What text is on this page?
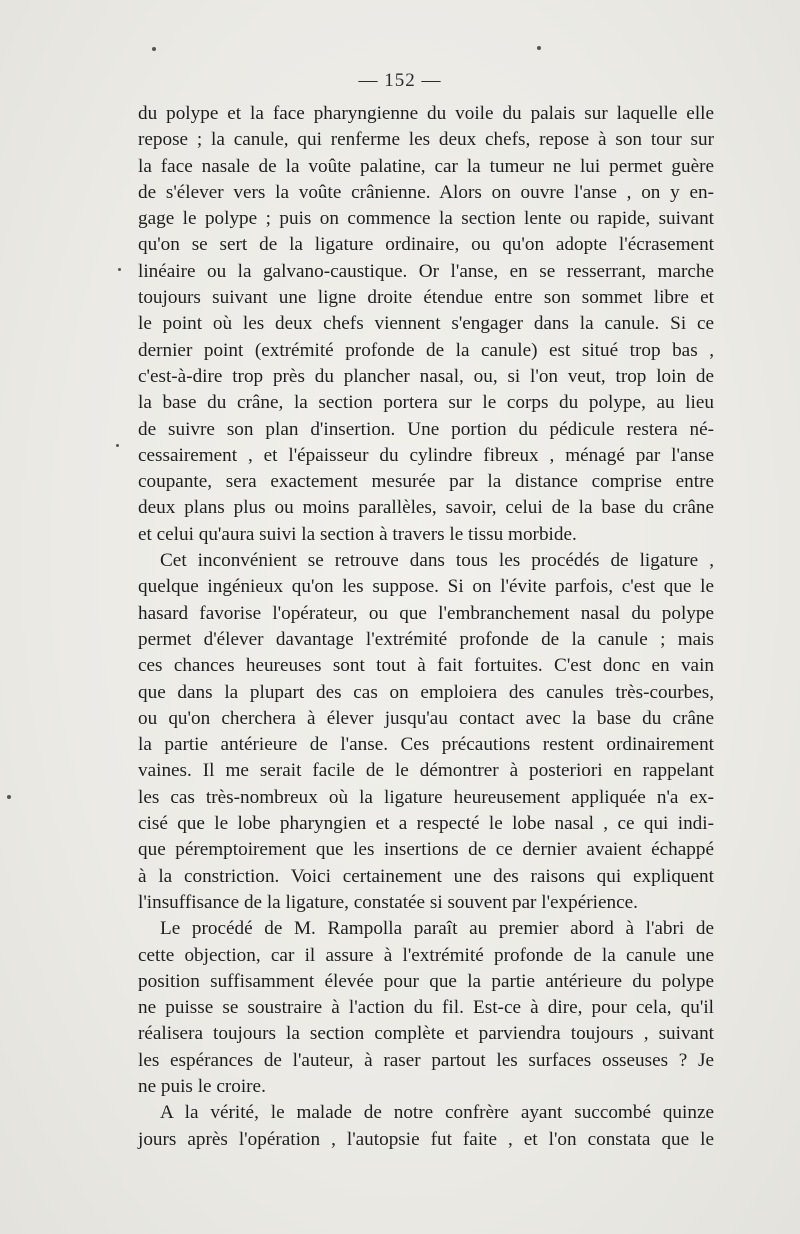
— 152 —
du polype et la face pharyngienne du voile du palais sur laquelle elle
repose ; la canule, qui renferme les deux chefs, repose à son tour sur
la face nasale de la voûte palatine, car la tumeur ne lui permet guère
de s'élever vers la voûte crânienne. Alors on ouvre l'anse , on y en-
gage le polype ; puis on commence la section lente ou rapide, suivant
qu'on se sert de la ligature ordinaire, ou qu'on adopte l'écrasement
linéaire ou la galvano-caustique. Or l'anse, en se resserrant, marche
toujours suivant une ligne droite étendue entre son sommet libre et
le point où les deux chefs viennent s'engager dans la canule. Si ce
dernier point (extrémité profonde de la canule) est situé trop bas ,
c'est-à-dire trop près du plancher nasal, ou, si l'on veut, trop loin de
la base du crâne, la section portera sur le corps du polype, au lieu
de suivre son plan d'insertion. Une portion du pédicule restera né-
cessairement , et l'épaisseur du cylindre fibreux , ménagé par l'anse
coupante, sera exactement mesurée par la distance comprise entre
deux plans plus ou moins parallèles, savoir, celui de la base du crâne
et celui qu'aura suivi la section à travers le tissu morbide.
Cet inconvénient se retrouve dans tous les procédés de ligature ,
quelque ingénieux qu'on les suppose. Si on l'évite parfois, c'est que le
hasard favorise l'opérateur, ou que l'embranchement nasal du polype
permet d'élever davantage l'extrémité profonde de la canule ; mais
ces chances heureuses sont tout à fait fortuites. C'est donc en vain
que dans la plupart des cas on emploiera des canules très-courbes,
ou qu'on cherchera à élever jusqu'au contact avec la base du crâne
la partie antérieure de l'anse. Ces précautions restent ordinairement
vaines. Il me serait facile de le démontrer à posteriori en rappelant
les cas très-nombreux où la ligature heureusement appliquée n'a ex-
cisé que le lobe pharyngien et a respecté le lobe nasal , ce qui indi-
que péremptoirement que les insertions de ce dernier avaient échappé
à la constriction. Voici certainement une des raisons qui expliquent
l'insuffisance de la ligature, constatée si souvent par l'expérience.
Le procédé de M. Rampolla paraît au premier abord à l'abri de
cette objection, car il assure à l'extrémité profonde de la canule une
position suffisamment élevée pour que la partie antérieure du polype
ne puisse se soustraire à l'action du fil. Est-ce à dire, pour cela, qu'il
réalisera toujours la section complète et parviendra toujours , suivant
les espérances de l'auteur, à raser partout les surfaces osseuses ? Je
ne puis le croire.
A la vérité, le malade de notre confrère ayant succombé quinze
jours après l'opération , l'autopsie fut faite , et l'on constata que le
